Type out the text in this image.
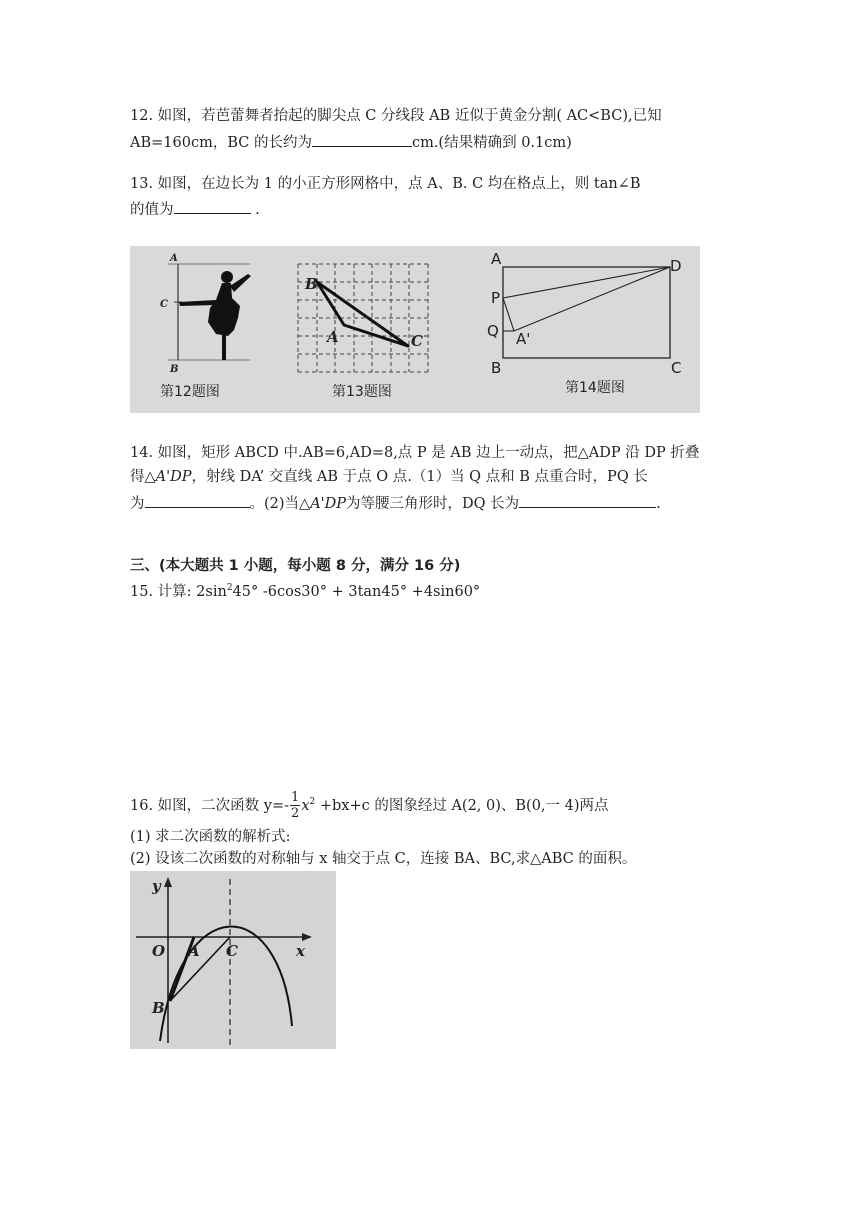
12. 如图，若芭蕾舞者抬起的脚尖点 C 分线段 AB 近似于黄金分割( AC<BC),已知
AB=160cm，BC 的长约为	cm.(结果精确到 0.1cm)
13. 如图，在边长为 1 的小正方形网格中，点 A、B. C 均在格点上，则 tan∠B
的值为	.
A
C
B
第12题图
B
A	C
第13题图
A	D
P
Q A'
B	C
第14题图
14. 如图，矩形 ABCD 中.AB=6,AD=8,点 P 是 AB 边上一动点，把△ADP 沿 DP 折叠
得△A'DP，射线 DA’ 交直线 AB 于点 O 点.（1）当 Q 点和 B 点重合时，PQ 长
为	。(2)当△A'DP为等腰三角形时，DQ 长为	.
三、(本大题共 1 小题，每小题 8 分，满分 16 分)
15. 计算: $2\sin^245^\circ$ -6cos30° + 3tan45° +4sin60°
16. 如图，二次函数 $y=- \frac{1}{2} x^2 +bx+c$ 的图象经过 A(2, 0)、B(0,一 4)两点
(1) 求二次函数的解析式:
(2) 设该二次函数的对称轴与 x 轴交于点 C，连接 BA、BC,求△ABC 的面积。
y
x
O A C
B
